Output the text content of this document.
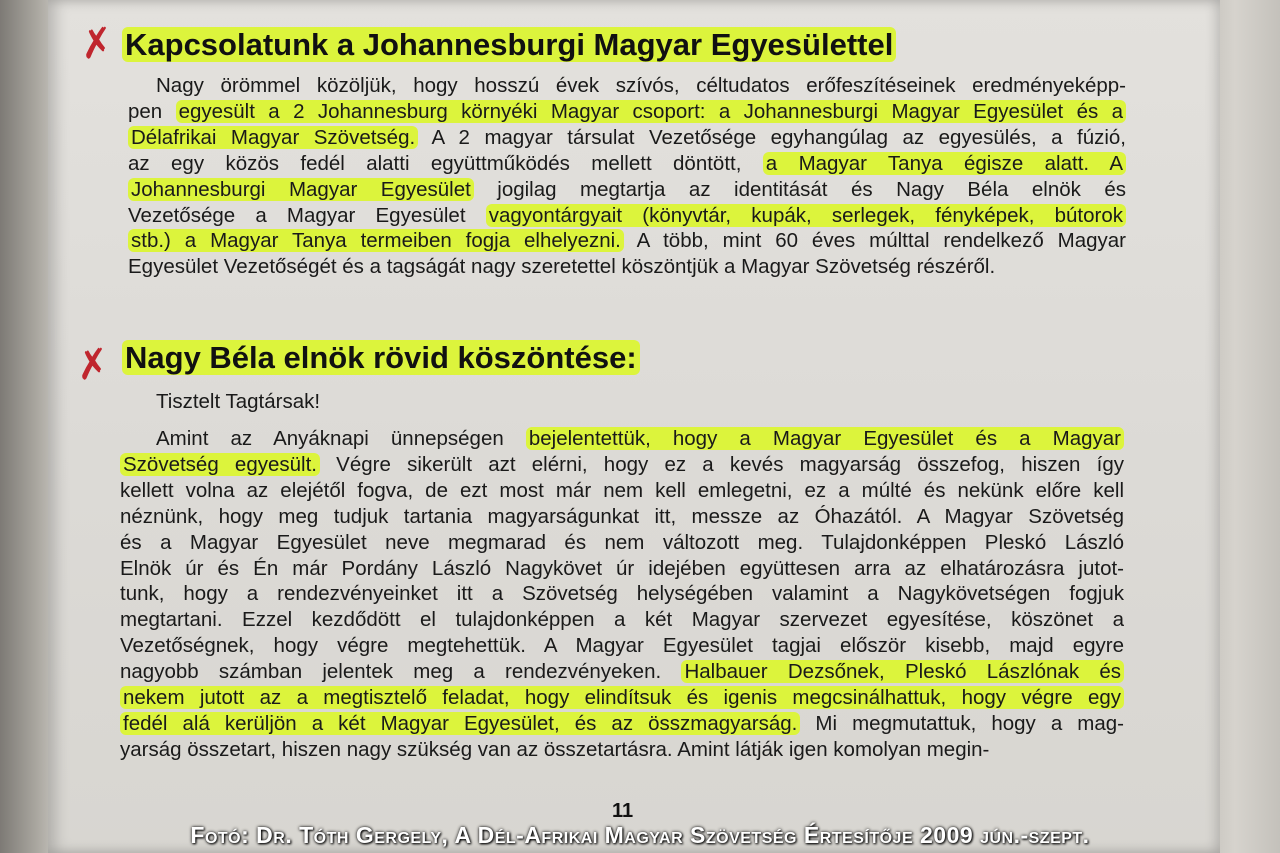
✗ Kapcsolatunk a Johannesburgi Magyar Egyesülettel
Nagy örömmel közöljük, hogy hosszú évek szívós, céltudatos erőfeszítéseinek eredményeképp-
pen egyesült a 2 Johannesburg környéki Magyar csoport: a Johannesburgi Magyar Egyesület és a
Délafrikai Magyar Szövetség. A 2 magyar társulat Vezetősége egyhangúlag az egyesülés, a fúzió,
az egy közös fedél alatti együttműködés mellett döntött, a Magyar Tanya égisze alatt. A
Johannesburgi Magyar Egyesület jogilag megtartja az identitását és Nagy Béla elnök és
Vezetősége a Magyar Egyesület vagyontárgyait (könyvtár, kupák, serlegek, fényképek, bútorok
stb.) a Magyar Tanya termeiben fogja elhelyezni. A több, mint 60 éves múlttal rendelkező Magyar
Egyesület Vezetőségét és a tagságát nagy szeretettel köszöntjük a Magyar Szövetség részéről.
✗ Nagy Béla elnök rövid köszöntése:
Tisztelt Tagtársak!
Amint az Anyáknapi ünnepségen bejelentettük, hogy a Magyar Egyesület és a Magyar
Szövetség egyesült. Végre sikerült azt elérni, hogy ez a kevés magyarság összefog, hiszen így
kellett volna az elejétől fogva, de ezt most már nem kell emlegetni, ez a múlté és nekünk előre kell
néznünk, hogy meg tudjuk tartania magyarságunkat itt, messze az Óhazától. A Magyar Szövetség
és a Magyar Egyesület neve megmarad és nem változott meg. Tulajdonképpen Pleskó László
Elnök úr és Én már Pordány László Nagykövet úr idejében együttesen arra az elhatározásra jutot-
tunk, hogy a rendezvényeinket itt a Szövetség helységében valamint a Nagykövetségen fogjuk
megtartani. Ezzel kezdődött el tulajdonképpen a két Magyar szervezet egyesítése, köszönet a
Vezetőségnek, hogy végre megtehettük. A Magyar Egyesület tagjai először kisebb, majd egyre
nagyobb számban jelentek meg a rendezvényeken. Halbauer Dezsőnek, Pleskó Lászlónak és
nekem jutott az a megtisztelő feladat, hogy elindítsuk és igenis megcsinálhattuk, hogy végre egy
fedél alá kerüljön a két Magyar Egyesület, és az összmagyarság. Mi megmutattuk, hogy a mag-
yarság összetart, hiszen nagy szükség van az összetartásra. Amint látják igen komolyan megin-
11
Fotó: Dr. Tóth Gergely, A Dél-Afrikai Magyar Szövetség Értesítője 2009 jún.-szept.
